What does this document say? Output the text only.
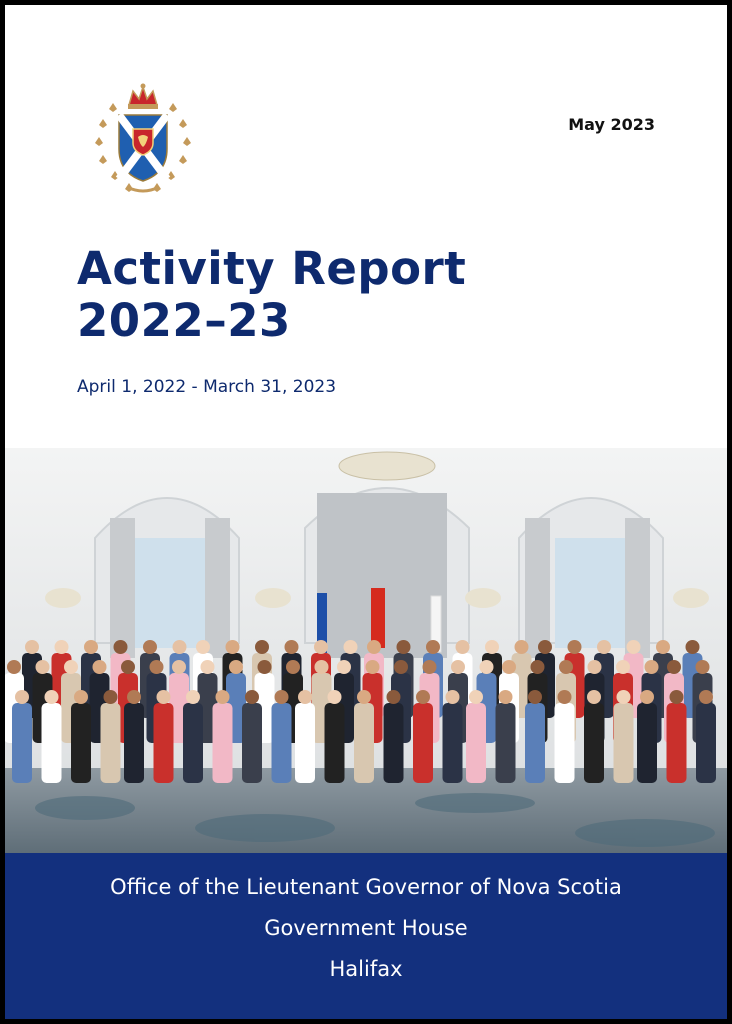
May 2023
Activity Report
2022–23
April 1, 2022 - March 31, 2023
Office of the Lieutenant Governor of Nova Scotia
Government House
Halifax
